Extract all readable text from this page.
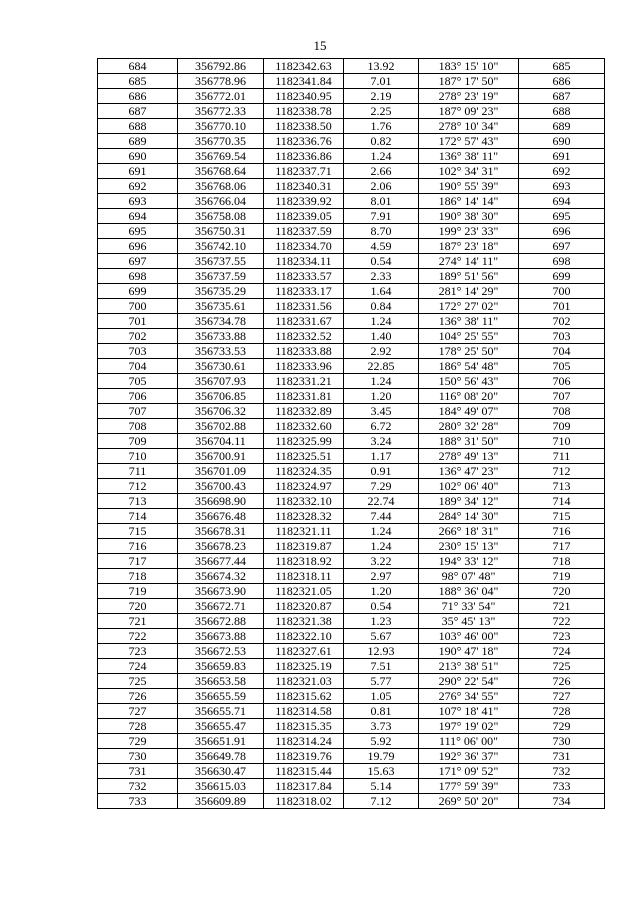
15
684	356792.86	1182342.63	13.92	183° 15' 10"	685
685	356778.96	1182341.84	7.01	187° 17' 50"	686
686	356772.01	1182340.95	2.19	278° 23' 19"	687
687	356772.33	1182338.78	2.25	187° 09' 23"	688
688	356770.10	1182338.50	1.76	278° 10' 34"	689
689	356770.35	1182336.76	0.82	172° 57' 43"	690
690	356769.54	1182336.86	1.24	136° 38' 11"	691
691	356768.64	1182337.71	2.66	102° 34' 31"	692
692	356768.06	1182340.31	2.06	190° 55' 39"	693
693	356766.04	1182339.92	8.01	186° 14' 14"	694
694	356758.08	1182339.05	7.91	190° 38' 30"	695
695	356750.31	1182337.59	8.70	199° 23' 33"	696
696	356742.10	1182334.70	4.59	187° 23' 18"	697
697	356737.55	1182334.11	0.54	274° 14' 11"	698
698	356737.59	1182333.57	2.33	189° 51' 56"	699
699	356735.29	1182333.17	1.64	281° 14' 29"	700
700	356735.61	1182331.56	0.84	172° 27' 02"	701
701	356734.78	1182331.67	1.24	136° 38' 11"	702
702	356733.88	1182332.52	1.40	104° 25' 55"	703
703	356733.53	1182333.88	2.92	178° 25' 50"	704
704	356730.61	1182333.96	22.85	186° 54' 48"	705
705	356707.93	1182331.21	1.24	150° 56' 43"	706
706	356706.85	1182331.81	1.20	116° 08' 20"	707
707	356706.32	1182332.89	3.45	184° 49' 07"	708
708	356702.88	1182332.60	6.72	280° 32' 28"	709
709	356704.11	1182325.99	3.24	188° 31' 50"	710
710	356700.91	1182325.51	1.17	278° 49' 13"	711
711	356701.09	1182324.35	0.91	136° 47' 23"	712
712	356700.43	1182324.97	7.29	102° 06' 40"	713
713	356698.90	1182332.10	22.74	189° 34' 12"	714
714	356676.48	1182328.32	7.44	284° 14' 30"	715
715	356678.31	1182321.11	1.24	266° 18' 31"	716
716	356678.23	1182319.87	1.24	230° 15' 13"	717
717	356677.44	1182318.92	3.22	194° 33' 12"	718
718	356674.32	1182318.11	2.97	98° 07' 48"	719
719	356673.90	1182321.05	1.20	188° 36' 04"	720
720	356672.71	1182320.87	0.54	71° 33' 54"	721
721	356672.88	1182321.38	1.23	35° 45' 13"	722
722	356673.88	1182322.10	5.67	103° 46' 00"	723
723	356672.53	1182327.61	12.93	190° 47' 18"	724
724	356659.83	1182325.19	7.51	213° 38' 51"	725
725	356653.58	1182321.03	5.77	290° 22' 54"	726
726	356655.59	1182315.62	1.05	276° 34' 55"	727
727	356655.71	1182314.58	0.81	107° 18' 41"	728
728	356655.47	1182315.35	3.73	197° 19' 02"	729
729	356651.91	1182314.24	5.92	111° 06' 00"	730
730	356649.78	1182319.76	19.79	192° 36' 37"	731
731	356630.47	1182315.44	15.63	171° 09' 52"	732
732	356615.03	1182317.84	5.14	177° 59' 39"	733
733	356609.89	1182318.02	7.12	269° 50' 20"	734
